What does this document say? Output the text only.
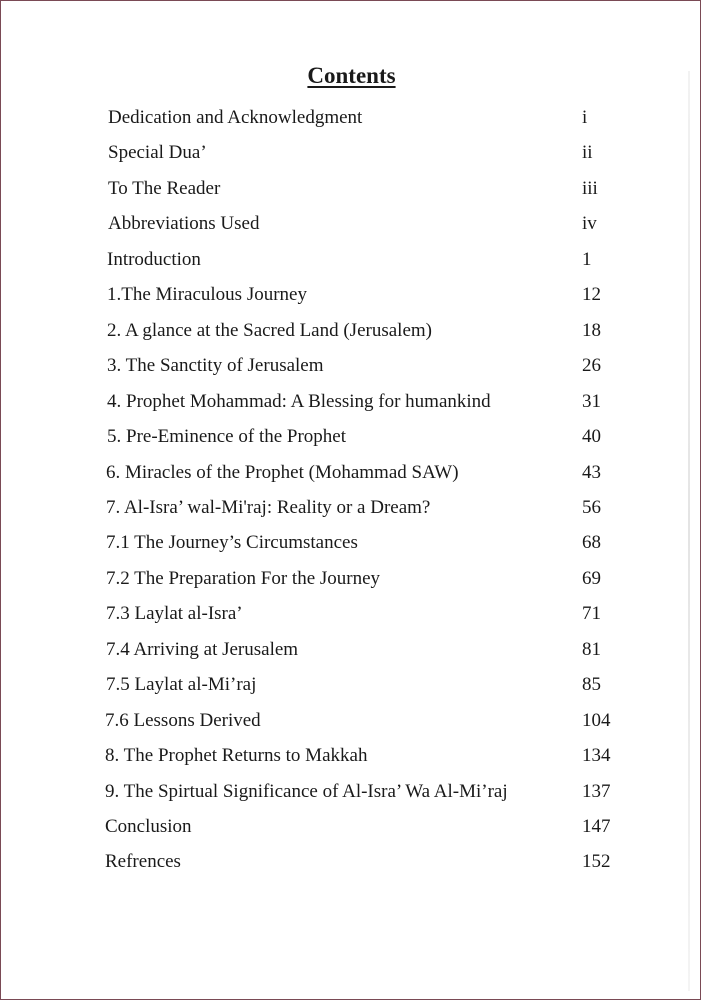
Contents
Dedication and Acknowledgment	i
Special Dua’	ii
To The Reader	iii
Abbreviations Used	iv
Introduction	1
1.The Miraculous Journey	12
2. A glance at the Sacred Land (Jerusalem)	18
3. The Sanctity of Jerusalem	26
4. Prophet Mohammad: A Blessing for humankind	31
5. Pre-Eminence of the Prophet	40
6. Miracles of the Prophet (Mohammad SAW)	43
7. Al-Isra’ wal-Mi'raj: Reality or a Dream?	56
7.1 The Journey’s Circumstances	68
7.2 The Preparation For the Journey	69
7.3 Laylat al-Isra’	71
7.4 Arriving at Jerusalem	81
7.5 Laylat al-Mi’raj	85
7.6 Lessons Derived	104
8. The Prophet Returns to Makkah	134
9. The Spirtual Significance of Al-Isra’ Wa Al-Mi’raj	137
Conclusion	147
Refrences	152
